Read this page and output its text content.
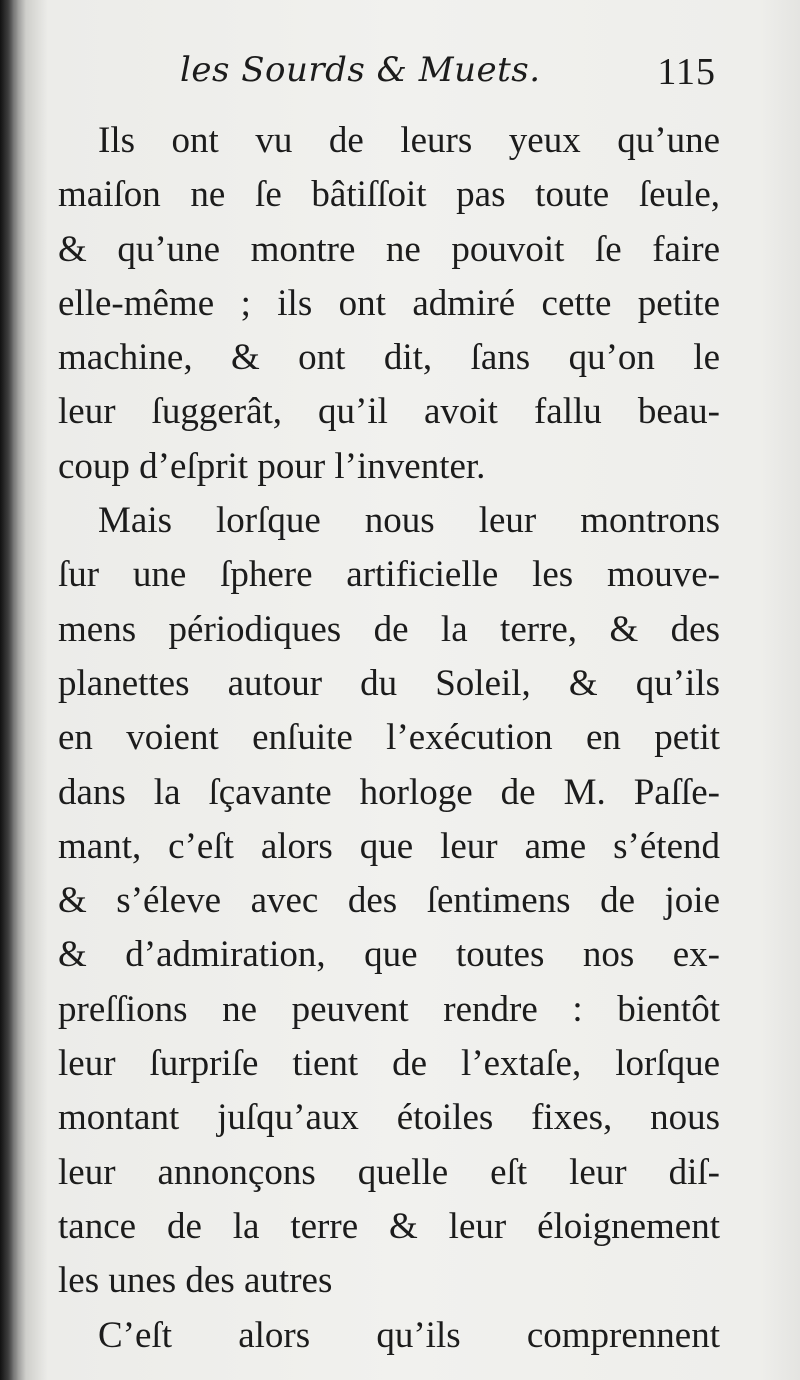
les Sourds & Muets.	115
Ils ont vu de leurs yeux qu’une
maiſon ne ſe bâtiſſoit pas toute ſeule,
& qu’une montre ne pouvoit ſe faire
elle-même ; ils ont admiré cette petite
machine, & ont dit, ſans qu’on le
leur ſuggerât, qu’il avoit fallu beau-
coup d’eſprit pour l’inventer.
Mais lorſque nous leur montrons
ſur une ſphere artificielle les mouve-
mens périodiques de la terre, & des
planettes autour du Soleil, & qu’ils
en voient enſuite l’exécution en petit
dans la ſçavante horloge de M. Paſſe-
mant, c’eſt alors que leur ame s’étend
& s’éleve avec des ſentimens de joie
& d’admiration, que toutes nos ex-
preſſions ne peuvent rendre : bientôt
leur ſurpriſe tient de l’extaſe, lorſque
montant juſqu’aux étoiles fixes, nous
leur annonçons quelle eſt leur diſ-
tance de la terre & leur éloignement
les unes des autres
C’eſt alors qu’ils comprennent
